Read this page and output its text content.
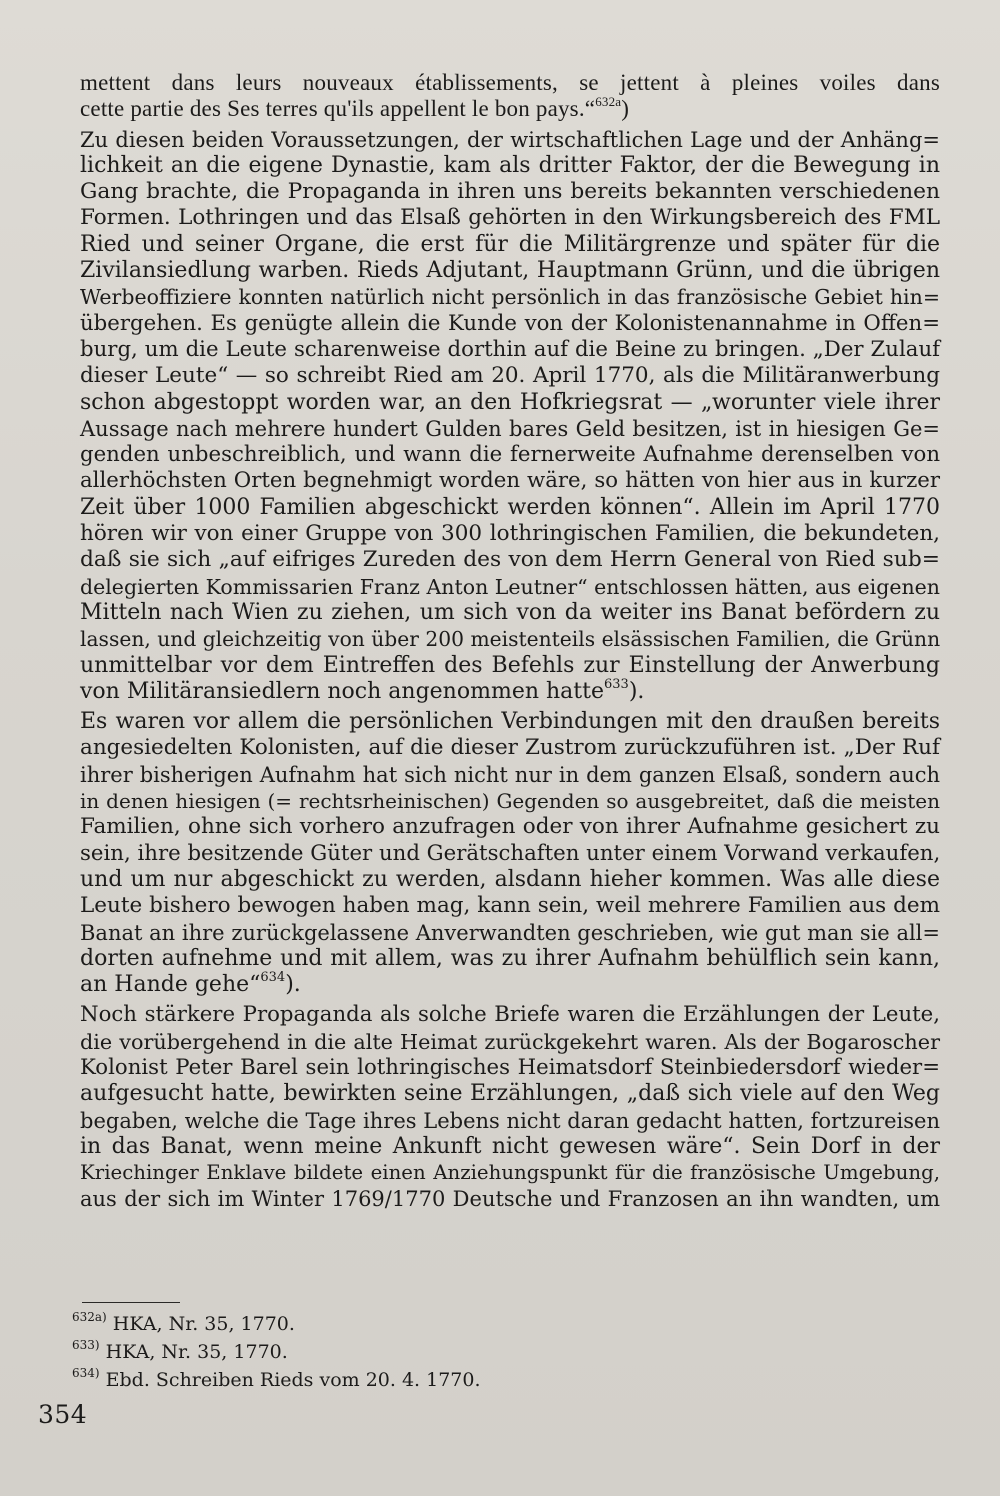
mettent dans leurs nouveaux établissements, se jettent à pleines voiles dans
cette partie des Ses terres qu'ils appellent le bon pays.“$^{632a}$)
Zu diesen beiden Voraussetzungen, der wirtschaftlichen Lage und der Anhäng=
lichkeit an die eigene Dynastie, kam als dritter Faktor, der die Bewegung in
Gang brachte, die Propaganda in ihren uns bereits bekannten verschiedenen
Formen. Lothringen und das Elsaß gehörten in den Wirkungsbereich des FML
Ried und seiner Organe, die erst für die Militärgrenze und später für die
Zivilansiedlung warben. Rieds Adjutant, Hauptmann Grünn, und die übrigen
Werbeoffiziere konnten natürlich nicht persönlich in das französische Gebiet hin=
übergehen. Es genügte allein die Kunde von der Kolonistenannahme in Offen=
burg, um die Leute scharenweise dorthin auf die Beine zu bringen. „Der Zulauf
dieser Leute“ — so schreibt Ried am 20. April 1770, als die Militäranwerbung
schon abgestoppt worden war, an den Hofkriegsrat — „worunter viele ihrer
Aussage nach mehrere hundert Gulden bares Geld besitzen, ist in hiesigen Ge=
genden unbeschreiblich, und wann die fernerweite Aufnahme derenselben von
allerhöchsten Orten begnehmigt worden wäre, so hätten von hier aus in kurzer
Zeit über 1000 Familien abgeschickt werden können“. Allein im April 1770
hören wir von einer Gruppe von 300 lothringischen Familien, die bekundeten,
daß sie sich „auf eifriges Zureden des von dem Herrn General von Ried sub=
delegierten Kommissarien Franz Anton Leutner“ entschlossen hätten, aus eigenen
Mitteln nach Wien zu ziehen, um sich von da weiter ins Banat befördern zu
lassen, und gleichzeitig von über 200 meistenteils elsässischen Familien, die Grünn
unmittelbar vor dem Eintreffen des Befehls zur Einstellung der Anwerbung
von Militäransiedlern noch angenommen hatte$^{633}$).
Es waren vor allem die persönlichen Verbindungen mit den draußen bereits
angesiedelten Kolonisten, auf die dieser Zustrom zurückzuführen ist. „Der Ruf
ihrer bisherigen Aufnahm hat sich nicht nur in dem ganzen Elsaß, sondern auch
in denen hiesigen (= rechtsrheinischen) Gegenden so ausgebreitet, daß die meisten
Familien, ohne sich vorhero anzufragen oder von ihrer Aufnahme gesichert zu
sein, ihre besitzende Güter und Gerätschaften unter einem Vorwand verkaufen,
und um nur abgeschickt zu werden, alsdann hieher kommen. Was alle diese
Leute bishero bewogen haben mag, kann sein, weil mehrere Familien aus dem
Banat an ihre zurückgelassene Anverwandten geschrieben, wie gut man sie all=
dorten aufnehme und mit allem, was zu ihrer Aufnahm behülflich sein kann,
an Hande gehe“$^{634}$).
Noch stärkere Propaganda als solche Briefe waren die Erzählungen der Leute,
die vorübergehend in die alte Heimat zurückgekehrt waren. Als der Bogaroscher
Kolonist Peter Barel sein lothringisches Heimatsdorf Steinbiedersdorf wieder=
aufgesucht hatte, bewirkten seine Erzählungen, „daß sich viele auf den Weg
begaben, welche die Tage ihres Lebens nicht daran gedacht hatten, fortzureisen
in das Banat, wenn meine Ankunft nicht gewesen wäre“. Sein Dorf in der
Kriechinger Enklave bildete einen Anziehungspunkt für die französische Umgebung,
aus der sich im Winter 1769/1770 Deutsche und Franzosen an ihn wandten, um
$^{632a)}$ HKA, Nr. 35, 1770.
$^{633)}$ HKA, Nr. 35, 1770.
$^{634)}$ Ebd. Schreiben Rieds vom 20. 4. 1770.
354
